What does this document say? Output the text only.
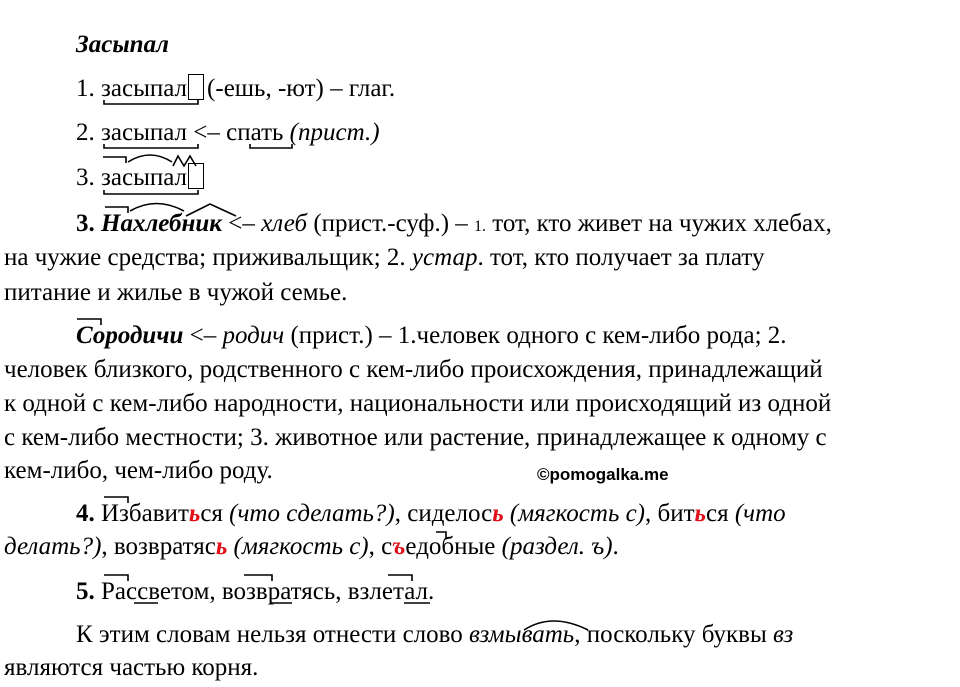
Засыпал
1. засыпал (-ешь, -ют) – глаг.
2. засыпал <– спать (прист.)
3. засыпал
3. Нахлебник <– хлеб (прист.-суф.) – 1. тот, кто живет на чужих хлебах,
на чужие средства; приживальщик; 2. устар. тот, кто получает за плату
питание и жилье в чужой семье.
Сородичи <– родич (прист.) – 1.человек одного с кем-либо рода; 2.
человек близкого, родственного с кем-либо происхождения, принадлежащий
к одной с кем-либо народности, национальности или происходящий из одной
с кем-либо местности; 3. животное или растение, принадлежащее к одному с
кем-либо, чем-либо роду.	©pomogalka.me
4. Избавиться (что сделать?), сиделось (мягкость с), биться (что
делать?), возвратясь (мягкость с), съедобные (раздел. ъ).
5. Рассветом, возвратясь, взлетал.
К этим словам нельзя отнести слово взмывать, поскольку буквы вз
являются частью корня.
